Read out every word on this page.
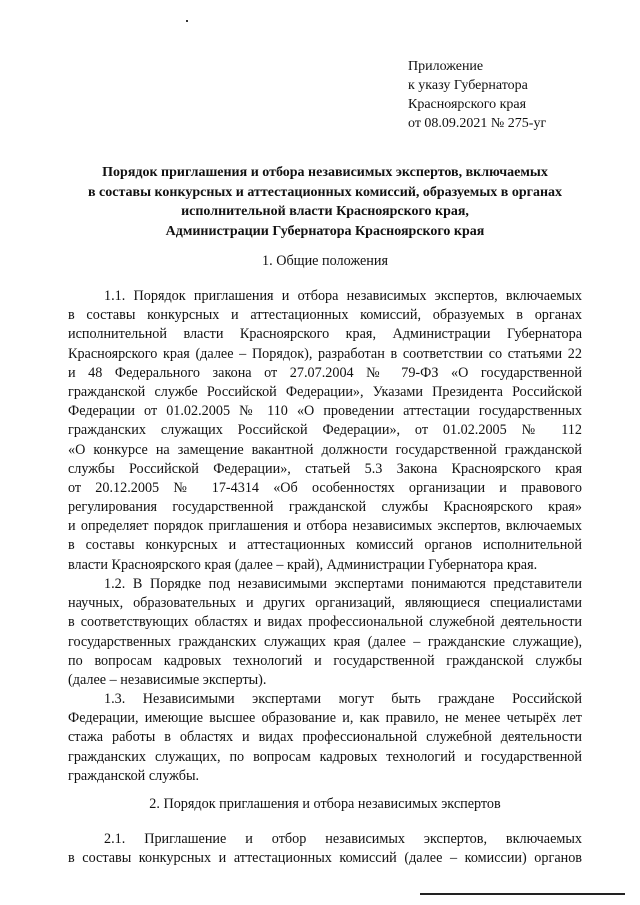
Приложение
к указу Губернатора
Красноярского края
от 08.09.2021 № 275-уг
Порядок приглашения и отбора независимых экспертов, включаемых
в составы конкурсных и аттестационных комиссий, образуемых в органах
исполнительной власти Красноярского края,
Администрации Губернатора Красноярского края
1. Общие положения
1.1. Порядок приглашения и отбора независимых экспертов, включаемых
в составы конкурсных и аттестационных комиссий, образуемых в органах
исполнительной власти Красноярского края, Администрации Губернатора
Красноярского края (далее – Порядок), разработан в соответствии со статьями 22
и 48 Федерального закона от 27.07.2004 № 79-ФЗ «О государственной
гражданской службе Российской Федерации», Указами Президента Российской
Федерации от 01.02.2005 № 110 «О проведении аттестации государственных
гражданских служащих Российской Федерации», от 01.02.2005 № 112
«О конкурсе на замещение вакантной должности государственной гражданской
службы Российской Федерации», статьей 5.3 Закона Красноярского края
от 20.12.2005 № 17-4314 «Об особенностях организации и правового
регулирования государственной гражданской службы Красноярского края»
и определяет порядок приглашения и отбора независимых экспертов, включаемых
в составы конкурсных и аттестационных комиссий органов исполнительной
власти Красноярского края (далее – край), Администрации Губернатора края.
1.2. В Порядке под независимыми экспертами понимаются представители
научных, образовательных и других организаций, являющиеся специалистами
в соответствующих областях и видах профессиональной служебной деятельности
государственных гражданских служащих края (далее – гражданские служащие),
по вопросам кадровых технологий и государственной гражданской службы
(далее – независимые эксперты).
1.3. Независимыми экспертами могут быть граждане Российской
Федерации, имеющие высшее образование и, как правило, не менее четырёх лет
стажа работы в областях и видах профессиональной служебной деятельности
гражданских служащих, по вопросам кадровых технологий и государственной
гражданской службы.
2. Порядок приглашения и отбора независимых экспертов
2.1. Приглашение и отбор независимых экспертов, включаемых
в составы конкурсных и аттестационных комиссий (далее – комиссии) органов
